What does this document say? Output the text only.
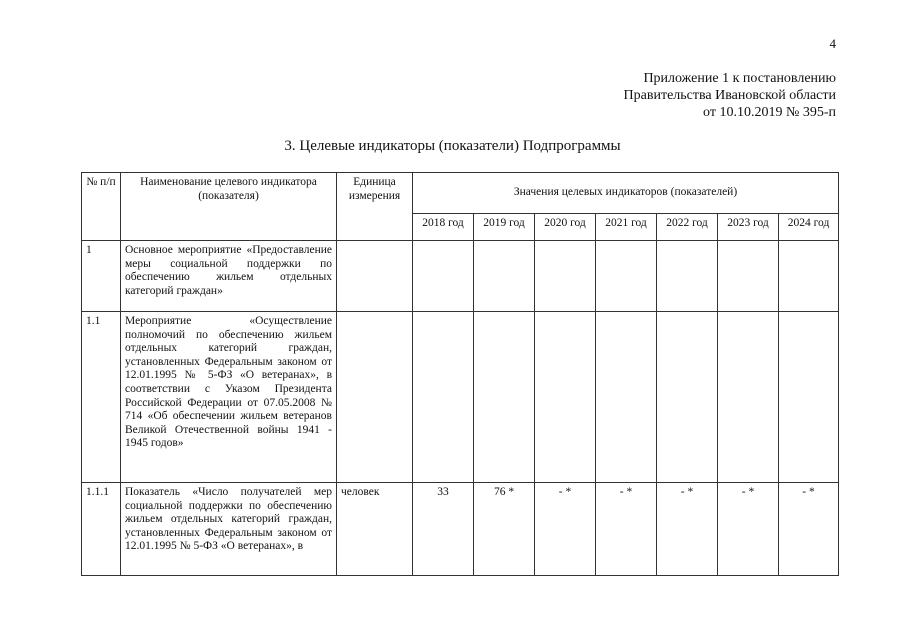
4
Приложение 1 к постановлению
Правительства Ивановской области
от 10.10.2019 № 395-п
3. Целевые индикаторы (показатели) Подпрограммы
№ п/п	Наименование целевого индикатора (показателя)	Единица измерения	Значения целевых индикаторов (показателей)						
			2018 год	2019 год	2020 год	2021 год	2022 год	2023 год	2024 год
1	Основное мероприятие «Предоставление меры социальной поддержки по обеспечению жильем отдельных категорий граждан»								
1.1	Мероприятие «Осуществление полномочий по обеспечению жильем отдельных категорий граждан, установленных Федеральным законом от 12.01.1995 № 5-ФЗ «О ветеранах», в соответствии с Указом Президента Российской Федерации от 07.05.2008 № 714 «Об обеспечении жильем ветеранов Великой Отечественной войны 1941 - 1945 годов»								
1.1.1	Показатель «Число получателей мер социальной поддержки по обеспечению жильем отдельных категорий граждан, установленных Федеральным законом от 12.01.1995 № 5-ФЗ «О ветеранах», в	человек	33	76 *	- *	- *	- *	- *	- *
